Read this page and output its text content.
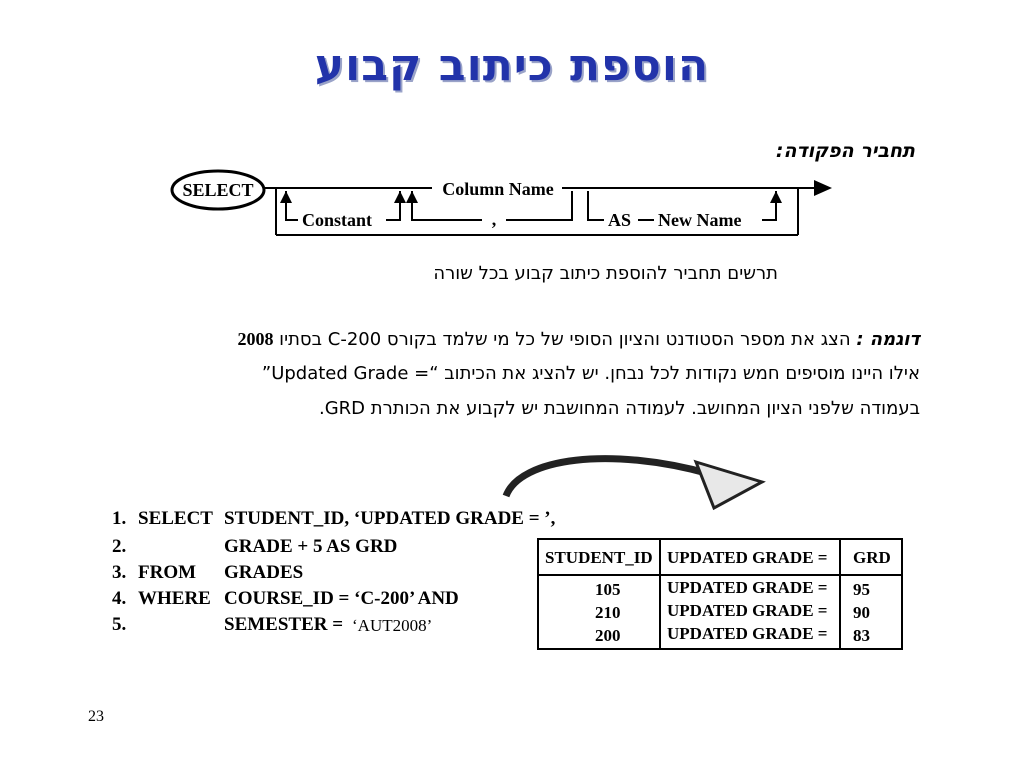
הוספת כיתוב קבוע
תחביר הפקודה:
SELECT	Column Name
Constant	,	AS New Name
תרשים תחביר להוספת כיתוב קבוע בכל שורה
דוגמה : הצג את מספר הסטודנט והציון הסופי של כל מי שלמד בקורס C-200 בסתיו 2008
אילו היינו מוסיפים חמש נקודות לכל נבחן. יש להציג את הכיתוב “= Updated Grade”
בעמודה שלפני הציון המחושב. לעמודה המחושבת יש לקבוע את הכותרת GRD.
1. SELECT STUDENT_ID, ‘UPDATED GRADE = ’,
2.	GRADE + 5 AS GRD
3. FROM GRADES
4. WHERE COURSE_ID = ‘C-200’ AND
5.	SEMESTER = ‘AUT2008’
STUDENT_ID UPDATED GRADE = GRD
105	UPDATED GRADE = 95
210	UPDATED GRADE = 90
200	UPDATED GRADE = 83
23
